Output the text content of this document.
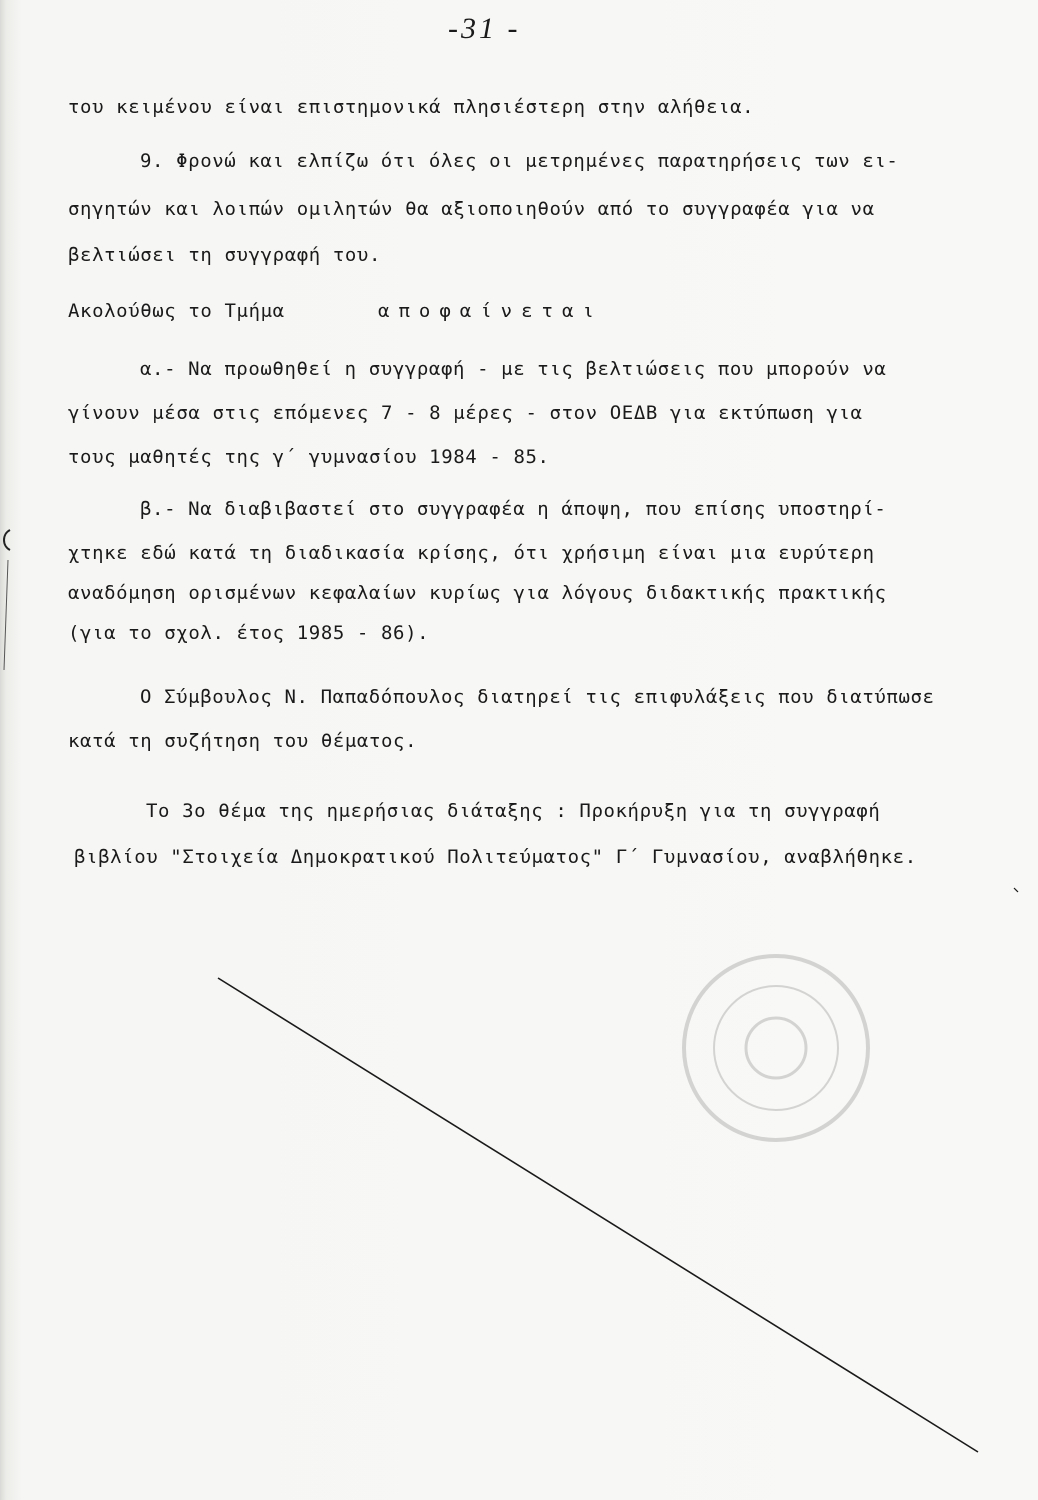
-31 -
του κειμένου είναι επιστημονικά πλησιέστερη στην αλήθεια.
9. Φρονώ και ελπίζω ότι όλες οι μετρημένες παρατηρήσεις των ει-
σηγητών και λοιπών ομιλητών θα αξιοποιηθούν από το συγγραφέα για να
βελτιώσει τη συγγραφή του.
Ακολούθως το Τμήμα	αποφαίνεται
α.- Να προωθηθεί η συγγραφή - με τις βελτιώσεις που μπορούν να
γίνουν μέσα στις επόμενες 7 - 8 μέρες - στον ΟΕΔΒ για εκτύπωση για
τους μαθητές της γ΄ γυμνασίου 1984 - 85.
β.- Να διαβιβαστεί στο συγγραφέα η άποψη, που επίσης υποστηρί-
χτηκε εδώ κατά τη διαδικασία κρίσης, ότι χρήσιμη είναι μια ευρύτερη
αναδόμηση ορισμένων κεφαλαίων κυρίως για λόγους διδακτικής πρακτικής
(για το σχολ. έτος 1985 - 86).
Ο Σύμβουλος Ν. Παπαδόπουλος διατηρεί τις επιφυλάξεις που διατύπωσε
κατά τη συζήτηση του θέματος.
Το 3ο θέμα της ημερήσιας διάταξης : Προκήρυξη για τη συγγραφή
βιβλίου "Στοιχεία Δημοκρατικού Πολιτεύματος" Γ΄ Γυμνασίου, αναβλήθηκε.
